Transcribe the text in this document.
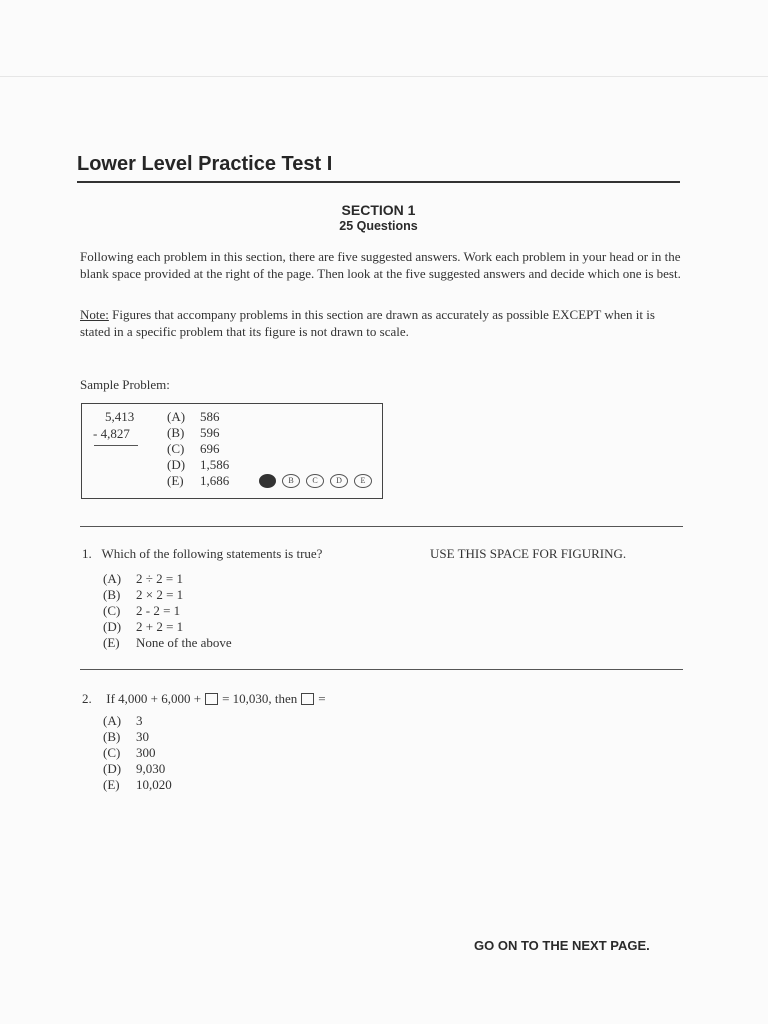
Lower Level Practice Test I
SECTION 1
25 Questions
Following each problem in this section, there are five suggested answers. Work each problem in your head or in the blank space provided at the right of the page. Then look at the five suggested answers and decide which one is best.
Note: Figures that accompany problems in this section are drawn as accurately as possible EXCEPT when it is stated in a specific problem that its figure is not drawn to scale.
Sample Problem:
5,413
- 4,827
(A)	586
(B)	596
(C)	696
(D)	1,586
(E)	1,686	B	C	D	E
1. Which of the following statements is true?	USE THIS SPACE FOR FIGURING.
(A)	2 ÷ 2 = 1
(B)	2 × 2 = 1
(C)	2 - 2 = 1
(D)	2 + 2 = 1
(E)	None of the above
2.
If 4,000 + 6,000 + = 10,030, then =
(A)	3
(B)	30
(C)	300
(D)	9,030
(E)	10,020
GO ON TO THE NEXT PAGE.
